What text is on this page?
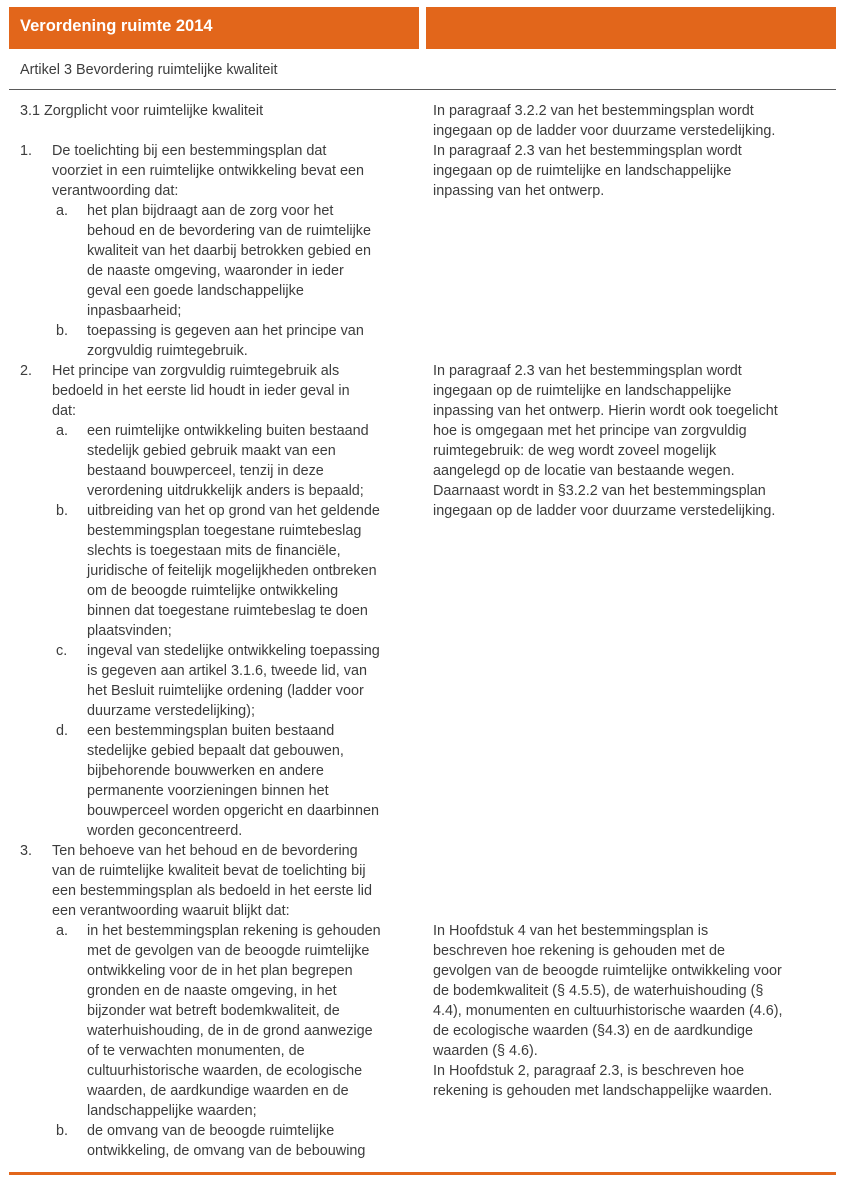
Verordening ruimte 2014
Artikel 3 Bevordering ruimtelijke kwaliteit
3.1 Zorgplicht voor ruimtelijke kwaliteit
1. De toelichting bij een bestemmingsplan dat
voorziet in een ruimtelijke ontwikkeling bevat een
verantwoording dat:
a. het plan bijdraagt aan de zorg voor het
behoud en de bevordering van de ruimtelijke
kwaliteit van het daarbij betrokken gebied en
de naaste omgeving, waaronder in ieder
geval een goede landschappelijke
inpasbaarheid;
b. toepassing is gegeven aan het principe van
zorgvuldig ruimtegebruik.
2. Het principe van zorgvuldig ruimtegebruik als
bedoeld in het eerste lid houdt in ieder geval in
dat:
a. een ruimtelijke ontwikkeling buiten bestaand
stedelijk gebied gebruik maakt van een
bestaand bouwperceel, tenzij in deze
verordening uitdrukkelijk anders is bepaald;
b. uitbreiding van het op grond van het geldende
bestemmingsplan toegestane ruimtebeslag
slechts is toegestaan mits de financiële,
juridische of feitelijk mogelijkheden ontbreken
om de beoogde ruimtelijke ontwikkeling
binnen dat toegestane ruimtebeslag te doen
plaatsvinden;
c. ingeval van stedelijke ontwikkeling toepassing
is gegeven aan artikel 3.1.6, tweede lid, van
het Besluit ruimtelijke ordening (ladder voor
duurzame verstedelijking);
d. een bestemmingsplan buiten bestaand
stedelijke gebied bepaalt dat gebouwen,
bijbehorende bouwwerken en andere
permanente voorzieningen binnen het
bouwperceel worden opgericht en daarbinnen
worden geconcentreerd.
3. Ten behoeve van het behoud en de bevordering
van de ruimtelijke kwaliteit bevat de toelichting bij
een bestemmingsplan als bedoeld in het eerste lid
een verantwoording waaruit blijkt dat:
a. in het bestemmingsplan rekening is gehouden
met de gevolgen van de beoogde ruimtelijke
ontwikkeling voor de in het plan begrepen
gronden en de naaste omgeving, in het
bijzonder wat betreft bodemkwaliteit, de
waterhuishouding, de in de grond aanwezige
of te verwachten monumenten, de
cultuurhistorische waarden, de ecologische
waarden, de aardkundige waarden en de
landschappelijke waarden;
b. de omvang van de beoogde ruimtelijke
ontwikkeling, de omvang van de bebouwing
In paragraaf 3.2.2 van het bestemmingsplan wordt
ingegaan op de ladder voor duurzame verstedelijking.
In paragraaf 2.3 van het bestemmingsplan wordt
ingegaan op de ruimtelijke en landschappelijke
inpassing van het ontwerp.
In paragraaf 2.3 van het bestemmingsplan wordt
ingegaan op de ruimtelijke en landschappelijke
inpassing van het ontwerp. Hierin wordt ook toegelicht
hoe is omgegaan met het principe van zorgvuldig
ruimtegebruik: de weg wordt zoveel mogelijk
aangelegd op de locatie van bestaande wegen.
Daarnaast wordt in §3.2.2 van het bestemmingsplan
ingegaan op de ladder voor duurzame verstedelijking.
In Hoofdstuk 4 van het bestemmingsplan is
beschreven hoe rekening is gehouden met de
gevolgen van de beoogde ruimtelijke ontwikkeling voor
de bodemkwaliteit (§ 4.5.5), de waterhuishouding (§
4.4), monumenten en cultuurhistorische waarden (4.6),
de ecologische waarden (§4.3) en de aardkundige
waarden (§ 4.6).
In Hoofdstuk 2, paragraaf 2.3, is beschreven hoe
rekening is gehouden met landschappelijke waarden.
